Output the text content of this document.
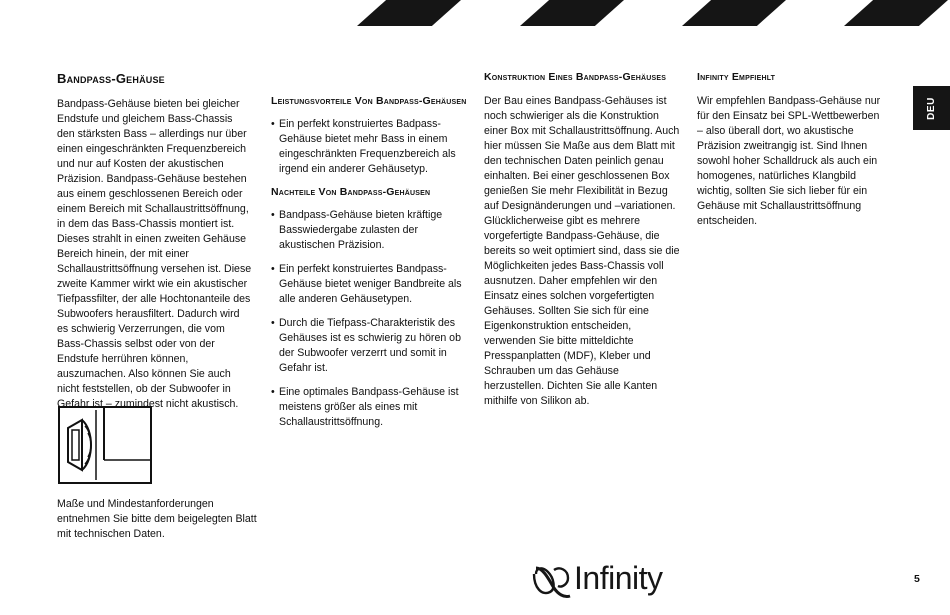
Bandpass-Gehäuse

Bandpass-Gehäuse bieten bei gleicher Endstufe und gleichem Bass-Chassis den stärksten Bass – allerdings nur über einen eingeschränkten Frequenzbereich und nur auf Kosten der akustischen Präzision. Bandpass-Gehäuse bestehen aus einem geschlossenen Bereich oder einem Bereich mit Schallaustrittsöffnung, in dem das Bass-Chassis montiert ist. Dieses strahlt in einen zweiten Gehäuse Bereich hinein, der mit einer Schallaustrittsöffnung versehen ist. Diese zweite Kammer wirkt wie ein akustischer Tiefpassfilter, der alle Hochtonanteile des Subwoofers herausfiltert. Dadurch wird es schwierig Verzerrungen, die vom Bass-Chassis selbst oder von der Endstufe herrühren können, auszumachen. Also können Sie auch nicht feststellen, ob der Subwoofer in Gefahr ist – zumindest nicht akustisch.

Maße und Mindestanforderungen entnehmen Sie bitte dem beigelegten Blatt mit technischen Daten.

Leistungsvorteile Von Bandpass-Gehäusen
• Ein perfekt konstruiertes Badpass-Gehäuse bietet mehr Bass in einem eingeschränkten Frequenzbereich als irgend ein anderer Gehäusetyp.
Nachteile Von Bandpass-Gehäusen
• Bandpass-Gehäuse bieten kräftige Basswiedergabe zulasten der akustischen Präzision.
• Ein perfekt konstruiertes Bandpass-Gehäuse bietet weniger Bandbreite als alle anderen Gehäusetypen.
• Durch die Tiefpass-Charakteristik des Gehäuses ist es schwierig zu hören ob der Subwoofer verzerrt und somit in Gefahr ist.
• Eine optimales Bandpass-Gehäuse ist meistens größer als eines mit Schallaustrittsöffnung.
Konstruktion Eines Bandpass-Gehäuses

Der Bau eines Bandpass-Gehäuses ist noch schwieriger als die Konstruktion einer Box mit Schallaustrittsöffnung. Auch hier müssen Sie Maße aus dem Blatt mit den technischen Daten peinlich genau einhalten. Bei einer geschlossenen Box genießen Sie mehr Flexibilität in Bezug auf Designänderungen und –variationen. Glücklicherweise gibt es mehrere vorgefertigte Bandpass-Gehäuse, die bereits so weit optimiert sind, dass sie die Möglichkeiten jedes Bass-Chassis voll ausnutzen. Daher empfehlen wir den Einsatz eines solchen vorgefertigten Gehäuses. Sollten Sie sich für eine Eigenkonstruktion entscheiden, verwenden Sie bitte mitteldichte Presspanplatten (MDF), Kleber und Schrauben um das Gehäuse herzustellen. Dichten Sie alle Kanten mithilfe von Silikon ab.

Infinity Empfiehlt

Wir empfehlen Bandpass-Gehäuse nur für den Einsatz bei SPL-Wettbewerben – also überall dort, wo akustische Präzision zweitrangig ist. Sind Ihnen sowohl hoher Schalldruck als auch ein homogenes, natürliches Klangbild wichtig, sollten Sie sich lieber für ein Gehäuse mit Schallaustrittsöffnung entscheiden.

DEU
Infinity	5
